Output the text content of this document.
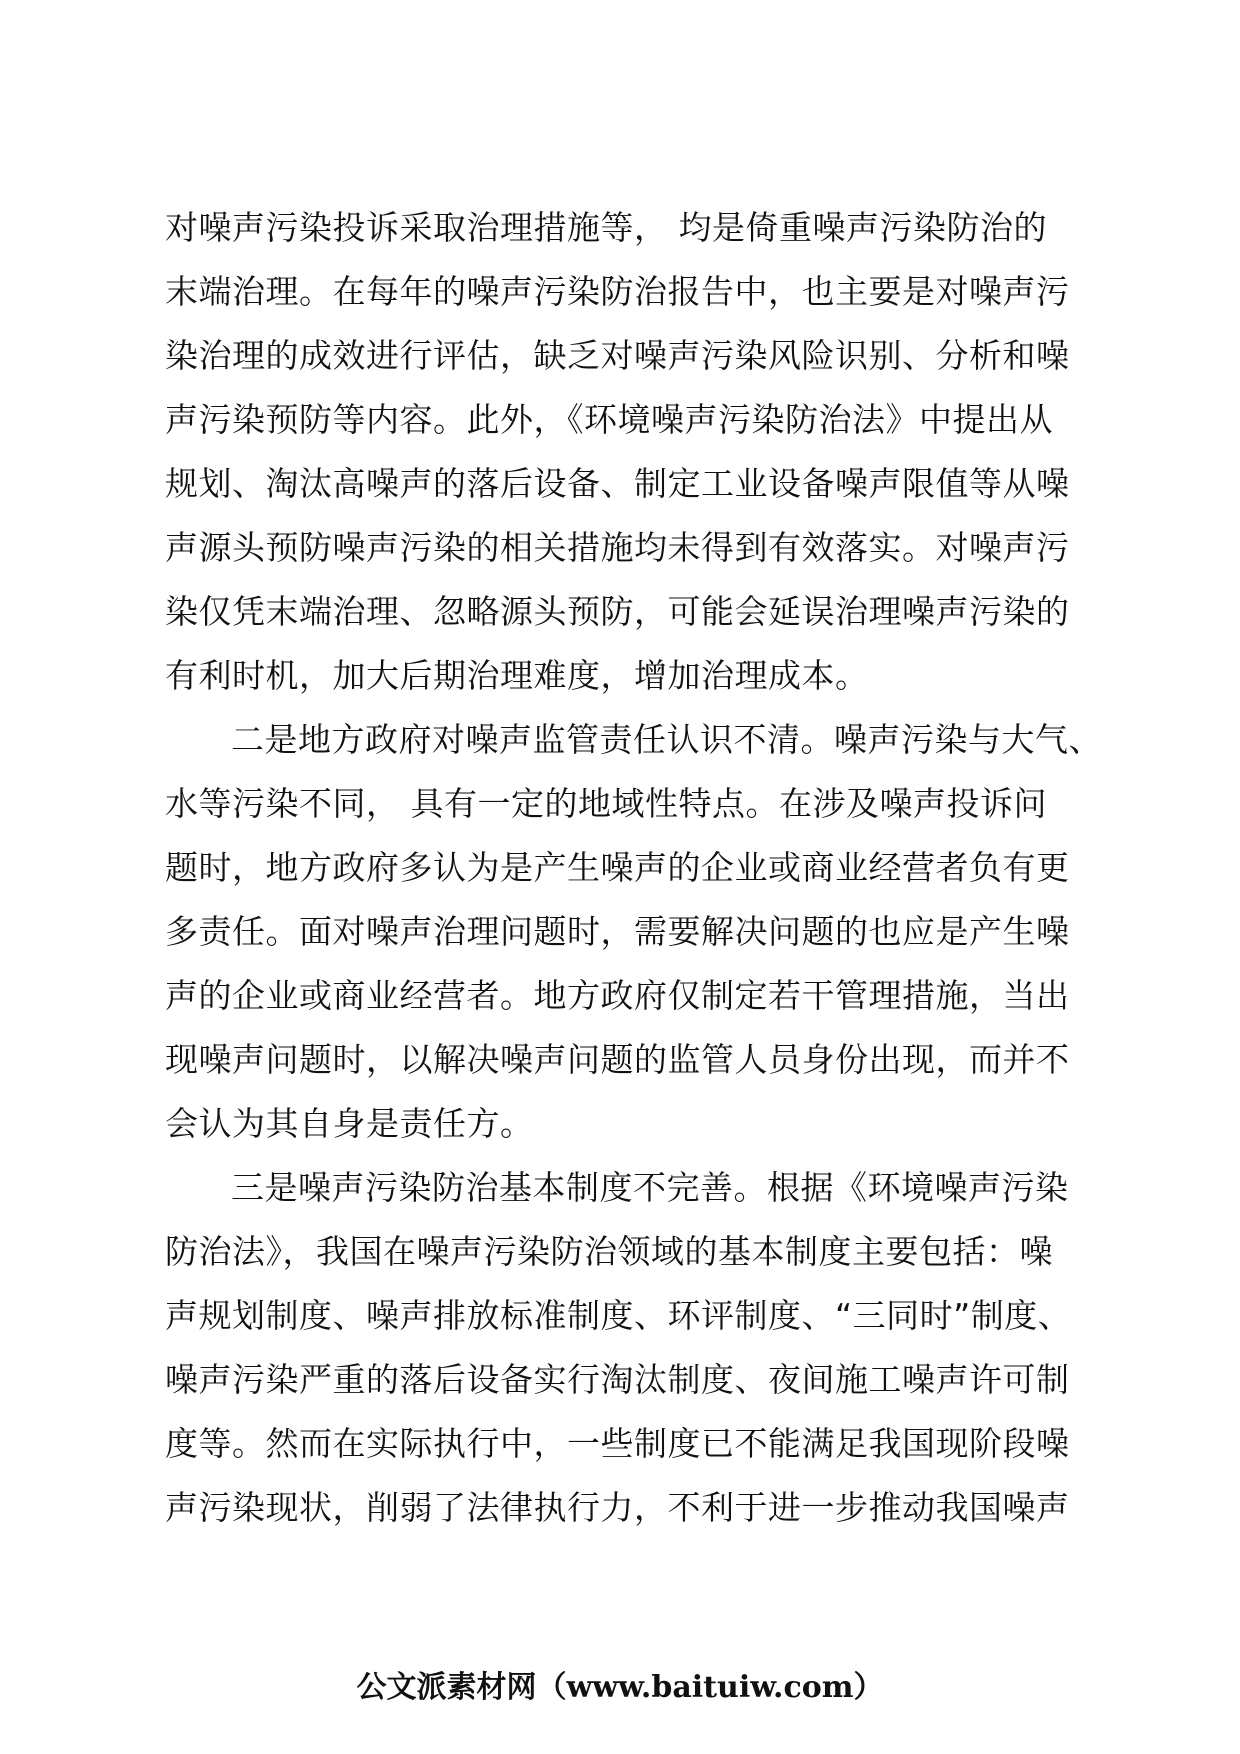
对噪声污染投诉采取治理措施等， 均是倚重噪声污染防治的
末端治理。在每年的噪声污染防治报告中，也主要是对噪声污
染治理的成效进行评估，缺乏对噪声污染风险识别、分析和噪
声污染预防等内容。此外，《环境噪声污染防治法》中提出从
规划、淘汰高噪声的落后设备、制定工业设备噪声限值等从噪
声源头预防噪声污染的相关措施均未得到有效落实。对噪声污
染仅凭末端治理、忽略源头预防，可能会延误治理噪声污染的
有利时机，加大后期治理难度，增加治理成本。
二是地方政府对噪声监管责任认识不清。噪声污染与大气、
水等污染不同， 具有一定的地域性特点。在涉及噪声投诉问
题时，地方政府多认为是产生噪声的企业或商业经营者负有更
多责任。面对噪声治理问题时，需要解决问题的也应是产生噪
声的企业或商业经营者。地方政府仅制定若干管理措施，当出
现噪声问题时，以解决噪声问题的监管人员身份出现，而并不
会认为其自身是责任方。
三是噪声污染防治基本制度不完善。根据《环境噪声污染
防治法》，我国在噪声污染防治领域的基本制度主要包括：噪
声规划制度、噪声排放标准制度、环评制度、“三同时”制度、
噪声污染严重的落后设备实行淘汰制度、夜间施工噪声许可制
度等。然而在实际执行中，一些制度已不能满足我国现阶段噪
声污染现状，削弱了法律执行力，不利于进一步推动我国噪声
公文派素材网（www.baituiw.com）
